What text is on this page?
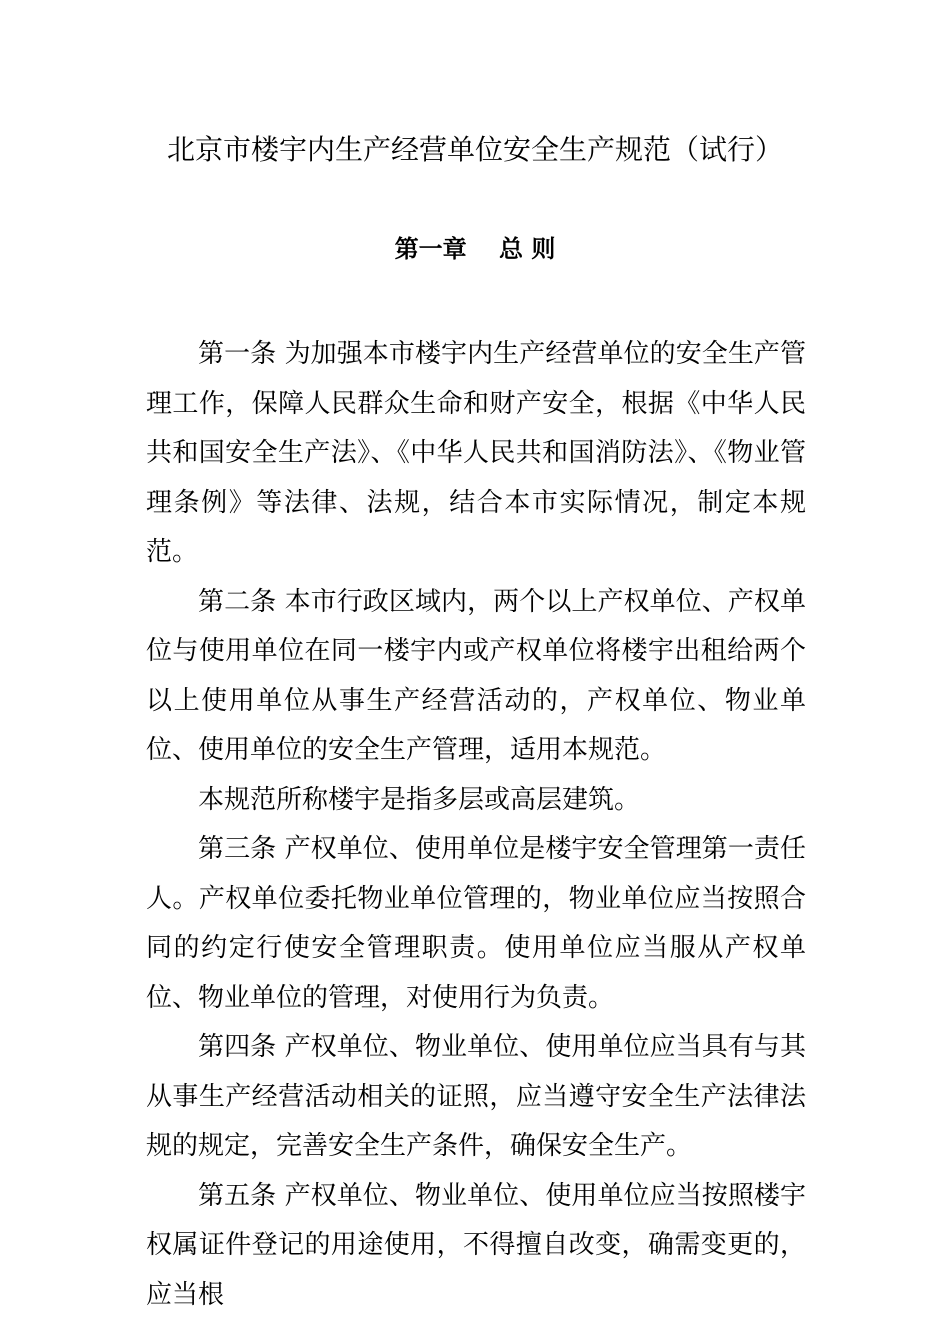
北京市楼宇内生产经营单位安全生产规范（试行）
第一章　 总 则

第一条 为加强本市楼宇内生产经营单位的安全生产管理工作，保障人民群众生命和财产安全，根据《中华人民共和国安全生产法》、《中华人民共和国消防法》、《物业管理条例》等法律、法规，结合本市实际情况，制定本规范。

第二条 本市行政区域内，两个以上产权单位、产权单位与使用单位在同一楼宇内或产权单位将楼宇出租给两个以上使用单位从事生产经营活动的，产权单位、物业单位、使用单位的安全生产管理，适用本规范。

本规范所称楼宇是指多层或高层建筑。

第三条 产权单位、使用单位是楼宇安全管理第一责任人。产权单位委托物业单位管理的，物业单位应当按照合同的约定行使安全管理职责。使用单位应当服从产权单位、物业单位的管理，对使用行为负责。

第四条 产权单位、物业单位、使用单位应当具有与其从事生产经营活动相关的证照，应当遵守安全生产法律法规的规定，完善安全生产条件，确保安全生产。

第五条 产权单位、物业单位、使用单位应当按照楼宇权属证件登记的用途使用，不得擅自改变，确需变更的，应当根
